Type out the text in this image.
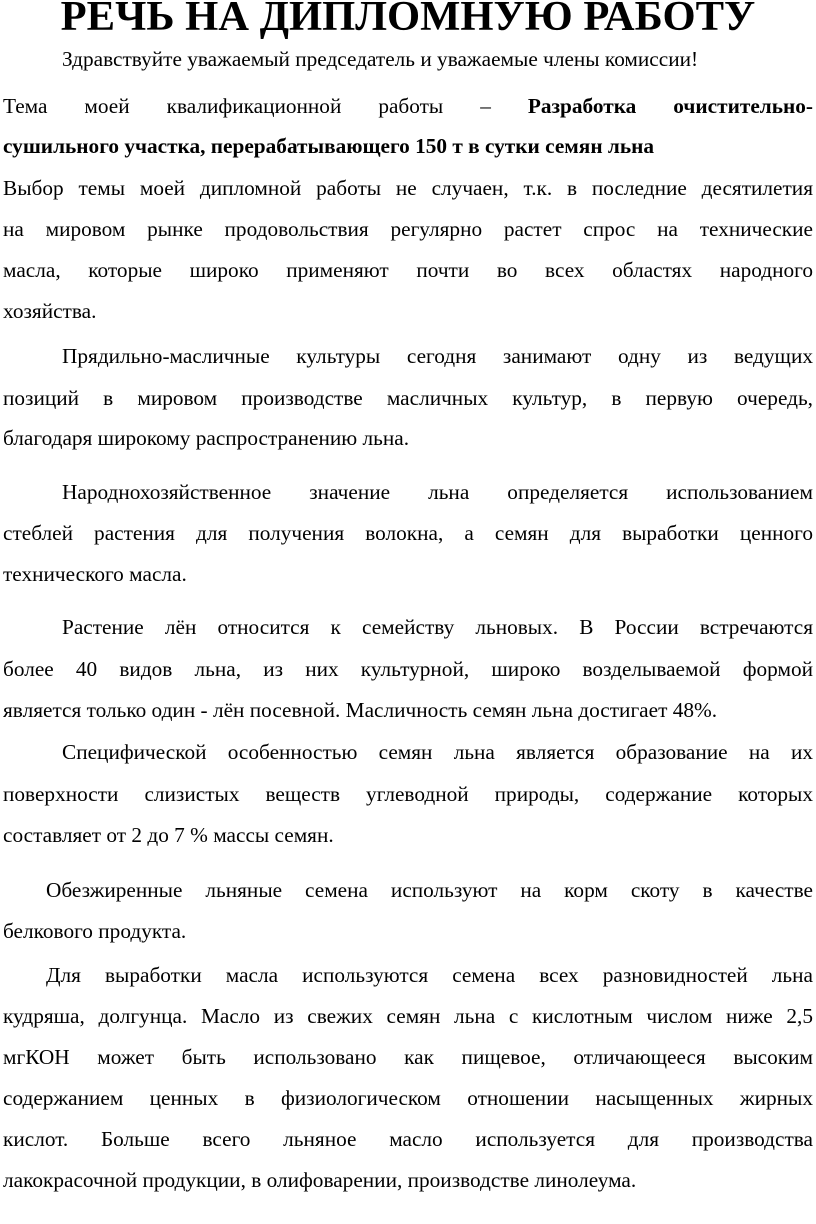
РЕЧЬ НА ДИПЛОМНУЮ РАБОТУ
Здравствуйте уважаемый председатель и уважаемые члены комиссии!
Тема моей квалификационной работы – Разработка очистительно-
сушильного участка, перерабатывающего 150 т в сутки семян льна
Выбор темы моей дипломной работы не случаен, т.к. в последние десятилетия
на мировом рынке продовольствия регулярно растет спрос на технические
масла, которые широко применяют почти во всех областях народного
хозяйства.
Прядильно-масличные культуры сегодня занимают одну из ведущих
позиций в мировом производстве масличных культур, в первую очередь,
благодаря широкому распространению льна.
Народнохозяйственное значение льна определяется использованием
стеблей растения для получения волокна, а семян для выработки ценного
технического масла.
Растение лён относится к семейству льновых. В России встречаются
более 40 видов льна, из них культурной, широко возделываемой формой
является только один - лён посевной. Масличность семян льна достигает 48%.
Специфической особенностью семян льна является образование на их
поверхности слизистых веществ углеводной природы, содержание которых
составляет от 2 до 7 % массы семян.
Обезжиренные льняные семена используют на корм скоту в качестве
белкового продукта.
Для выработки масла используются семена всех разновидностей льна
кудряша, долгунца. Масло из свежих семян льна с кислотным числом ниже 2,5
мгКОН может быть использовано как пищевое, отличающееся высоким
содержанием ценных в физиологическом отношении насыщенных жирных
кислот. Больше всего льняное масло используется для производства
лакокрасочной продукции, в олифоварении, производстве линолеума.
